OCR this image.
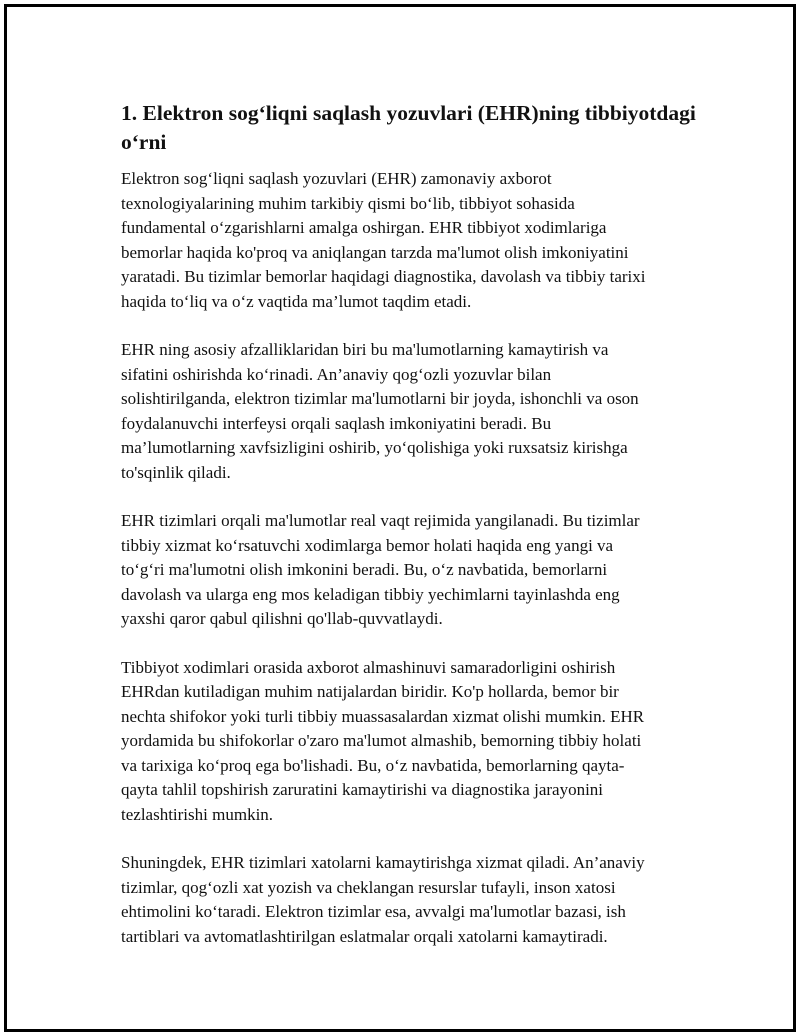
1. Elektron sog‘liqni saqlash yozuvlari (EHR)ning tibbiyotdagi
o‘rni

Elektron sog‘liqni saqlash yozuvlari (EHR) zamonaviy axborot
texnologiyalarining muhim tarkibiy qismi bo‘lib, tibbiyot sohasida
fundamental o‘zgarishlarni amalga oshirgan. EHR tibbiyot xodimlariga
bemorlar haqida ko'proq va aniqlangan tarzda ma'lumot olish imkoniyatini
yaratadi. Bu tizimlar bemorlar haqidagi diagnostika, davolash va tibbiy tarixi
haqida to‘liq va o‘z vaqtida ma’lumot taqdim etadi.

EHR ning asosiy afzalliklaridan biri bu ma'lumotlarning kamaytirish va
sifatini oshirishda ko‘rinadi. An’anaviy qog‘ozli yozuvlar bilan
solishtirilganda, elektron tizimlar ma'lumotlarni bir joyda, ishonchli va oson
foydalanuvchi interfeysi orqali saqlash imkoniyatini beradi. Bu
ma’lumotlarning xavfsizligini oshirib, yo‘qolishiga yoki ruxsatsiz kirishga
to'sqinlik qiladi.

EHR tizimlari orqali ma'lumotlar real vaqt rejimida yangilanadi. Bu tizimlar
tibbiy xizmat ko‘rsatuvchi xodimlarga bemor holati haqida eng yangi va
to‘g‘ri ma'lumotni olish imkonini beradi. Bu, o‘z navbatida, bemorlarni
davolash va ularga eng mos keladigan tibbiy yechimlarni tayinlashda eng
yaxshi qaror qabul qilishni qo'llab-quvvatlaydi.

Tibbiyot xodimlari orasida axborot almashinuvi samaradorligini oshirish
EHRdan kutiladigan muhim natijalardan biridir. Ko'p hollarda, bemor bir
nechta shifokor yoki turli tibbiy muassasalardan xizmat olishi mumkin. EHR
yordamida bu shifokorlar o'zaro ma'lumot almashib, bemorning tibbiy holati
va tarixiga ko‘proq ega bo'lishadi. Bu, o‘z navbatida, bemorlarning qayta-
qayta tahlil topshirish zaruratini kamaytirishi va diagnostika jarayonini
tezlashtirishi mumkin.

Shuningdek, EHR tizimlari xatolarni kamaytirishga xizmat qiladi. An’anaviy
tizimlar, qog‘ozli xat yozish va cheklangan resurslar tufayli, inson xatosi
ehtimolini ko‘taradi. Elektron tizimlar esa, avvalgi ma'lumotlar bazasi, ish
tartiblari va avtomatlashtirilgan eslatmalar orqali xatolarni kamaytiradi.
